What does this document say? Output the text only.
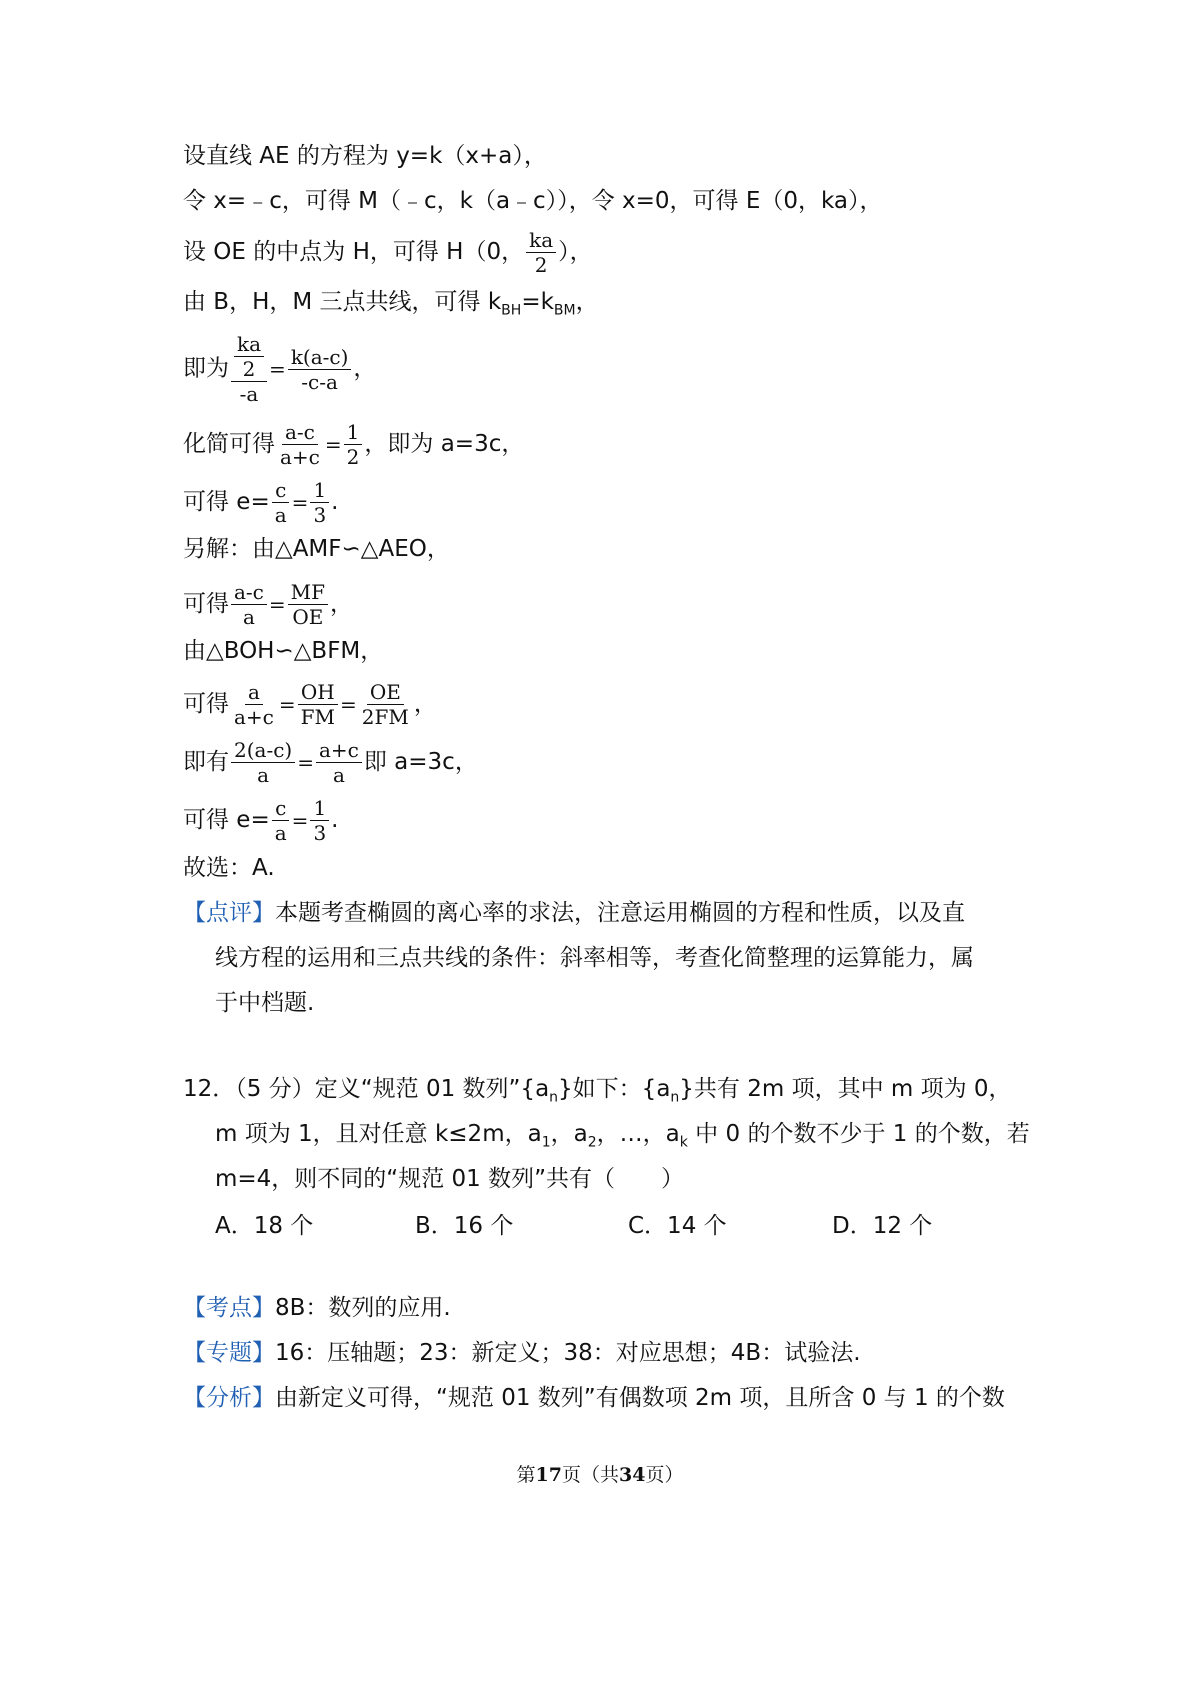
设直线 AE 的方程为 y=k（x+a），
令 x=﹣c，可得 M（﹣c，k（a﹣c）），令 x=0，可得 E（0，ka），
设 OE 的中点为 H，可得 H（0， $\frac{ka}{2}$ ），
由 B，H，M 三点共线，可得 $k_{BH}=k_{BM}$，
即为 $\frac{\frac{ka}{2}}{-a} = \frac{k(a-c)}{-c-a}$ ，
化简可得 $\frac{a-c}{a+c} = \frac{1}{2}$ ，即为 a=3c，
可得 $e= \frac{c}{a} = \frac{1}{3}$ .
另解：由△AMF∽△AEO，
可得 $\frac{a-c}{a} = \frac{MF}{OE}$ ，
由△BOH∽△BFM，
可得 $\frac{a}{a+c} = \frac{OH}{FM} = \frac{OE}{2FM}$ ，
即有 $\frac{2(a-c)}{a} = \frac{a+c}{a}$ 即 a=3c，
可得 $e= \frac{c}{a} = \frac{1}{3}$ .
故选：A.
【点评】本题考查椭圆的离心率的求法，注意运用椭圆的方程和性质，以及直
线方程的运用和三点共线的条件：斜率相等，考查化简整理的运算能力，属
于中档题.
12．（5 分）定义“规范 01 数列$”\{a_n\}$如下：$\{a_n\}$共有 2m 项，其中 m 项为 0，
m 项为 1，且对任意 k≤2m，$a_1$，$a_2$，…，$a_k$ 中 0 的个数不少于 1 的个数，若
m=4，则不同的“规范 01 数列”共有（　　）
A．18 个	B．16 个	C．14 个	D．12 个
【考点】8B：数列的应用.
【专题】16：压轴题；23：新定义；38：对应思想；4B：试验法.
【分析】由新定义可得，“规范 01 数列”有偶数项 2m 项，且所含 0 与 1 的个数
第17页（共34页）
